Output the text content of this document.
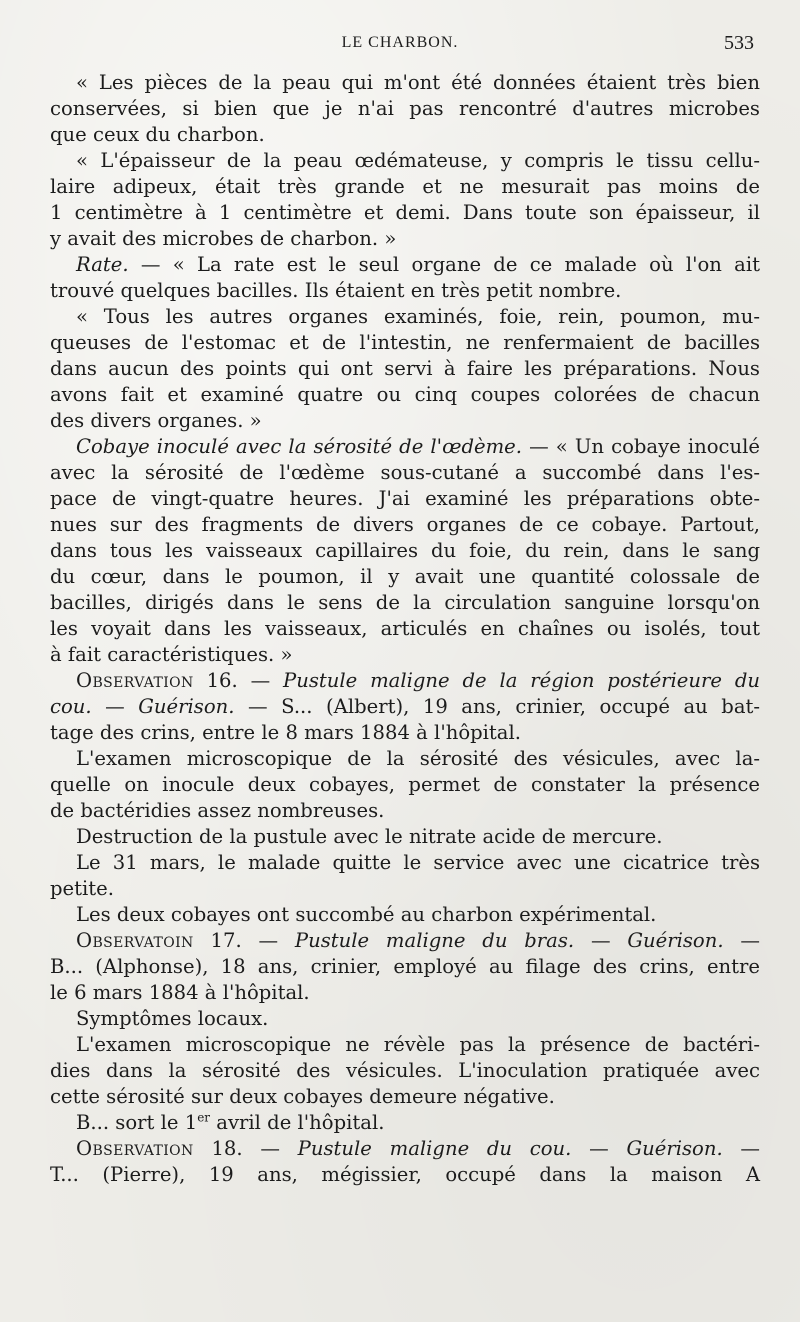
LE CHARBON.	533
« Les pièces de la peau qui m'ont été données étaient très bien
conservées, si bien que je n'ai pas rencontré d'autres microbes
que ceux du charbon.
« L'épaisseur de la peau œdémateuse, y compris le tissu cellu-
laire adipeux, était très grande et ne mesurait pas moins de
1 centimètre à 1 centimètre et demi. Dans toute son épaisseur, il
y avait des microbes de charbon. »
Rate. — « La rate est le seul organe de ce malade où l'on ait
trouvé quelques bacilles. Ils étaient en très petit nombre.
« Tous les autres organes examinés, foie, rein, poumon, mu-
queuses de l'estomac et de l'intestin, ne renfermaient de bacilles
dans aucun des points qui ont servi à faire les préparations. Nous
avons fait et examiné quatre ou cinq coupes colorées de chacun
des divers organes. »
Cobaye inoculé avec la sérosité de l'œdème. — « Un cobaye inoculé
avec la sérosité de l'œdème sous-cutané a succombé dans l'es-
pace de vingt-quatre heures. J'ai examiné les préparations obte-
nues sur des fragments de divers organes de ce cobaye. Partout,
dans tous les vaisseaux capillaires du foie, du rein, dans le sang
du cœur, dans le poumon, il y avait une quantité colossale de
bacilles, dirigés dans le sens de la circulation sanguine lorsqu'on
les voyait dans les vaisseaux, articulés en chaînes ou isolés, tout
à fait caractéristiques. »
Observation 16. — Pustule maligne de la région postérieure du
cou. — Guérison. — S... (Albert), 19 ans, crinier, occupé au bat-
tage des crins, entre le 8 mars 1884 à l'hôpital.
L'examen microscopique de la sérosité des vésicules, avec la-
quelle on inocule deux cobayes, permet de constater la présence
de bactéridies assez nombreuses.
Destruction de la pustule avec le nitrate acide de mercure.
Le 31 mars, le malade quitte le service avec une cicatrice très
petite.
Les deux cobayes ont succombé au charbon expérimental.
Observatoin 17. — Pustule maligne du bras. — Guérison. —
B... (Alphonse), 18 ans, crinier, employé au filage des crins, entre
le 6 mars 1884 à l'hôpital.
Symptômes locaux.
L'examen microscopique ne révèle pas la présence de bactéri-
dies dans la sérosité des vésicules. L'inoculation pratiquée avec
cette sérosité sur deux cobayes demeure négative.
B... sort le 1er avril de l'hôpital.
Observation 18. — Pustule maligne du cou. — Guérison. —
T... (Pierre), 19 ans, mégissier, occupé dans la maison A
